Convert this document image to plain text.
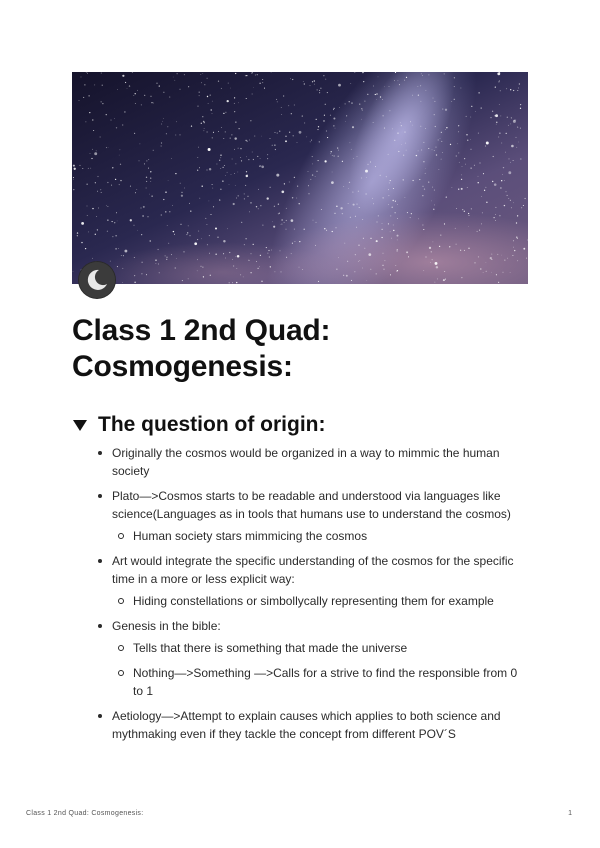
Class 1 2nd Quad:
Cosmogenesis:
The question of origin:
Originally the cosmos would be organized in a way to mimmic the human society
Plato—>Cosmos starts to be readable and understood via languages like science(Languages as in tools that humans use to understand the cosmos)
Human society stars mimmicing the cosmos
Art would integrate the specific understanding of the cosmos for the specific time in a more or less explicit way:
Hiding constellations or simbollycally representing them for example
Genesis in the bible:
Tells that there is something that made the universe
Nothing—>Something —>Calls for a strive to find the responsible from 0 to 1
Aetiology—>Attempt to explain causes which applies to both science and mythmaking even if they tackle the concept from different POV´S
Class 1 2nd Quad: Cosmogenesis:	1
